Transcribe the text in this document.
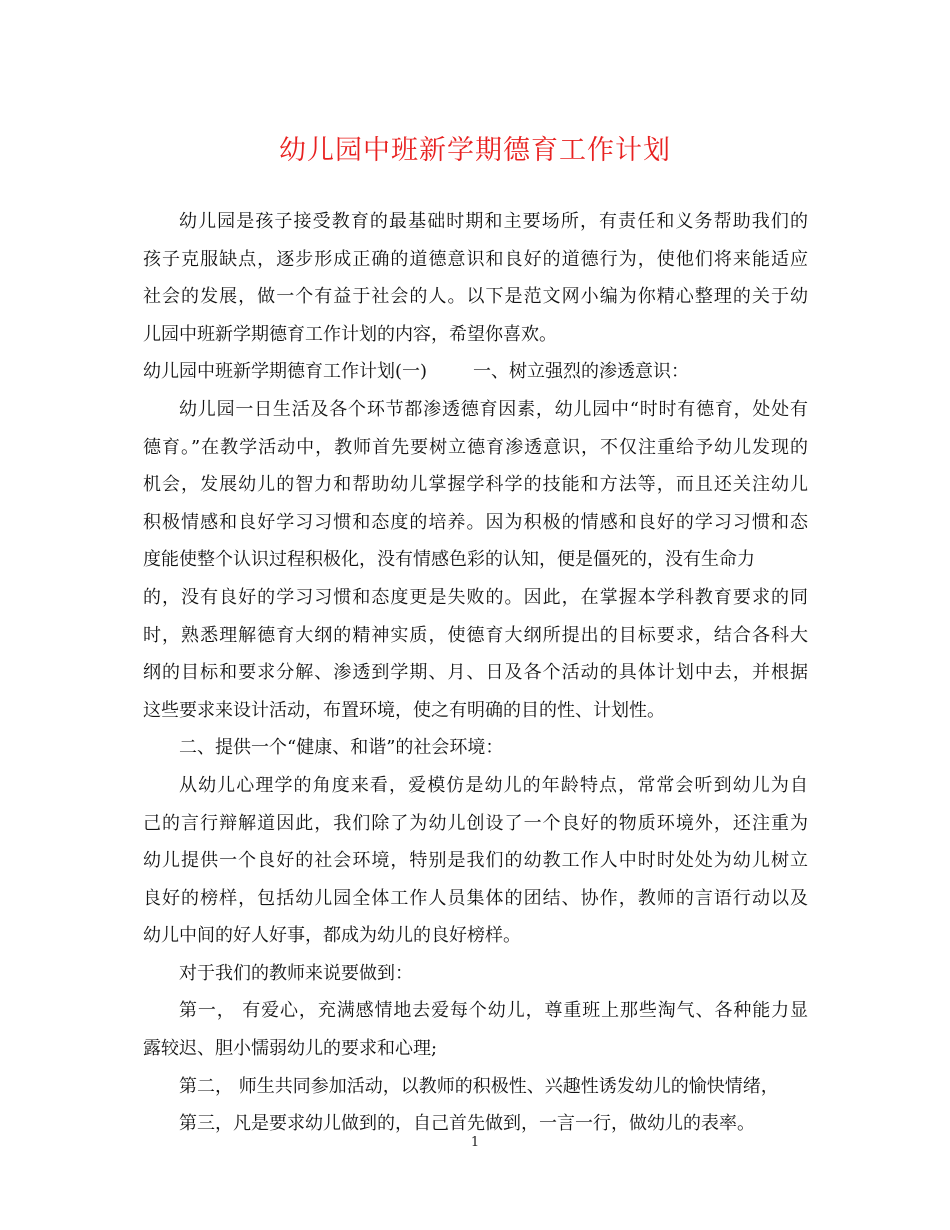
幼儿园中班新学期德育工作计划
幼儿园是孩子接受教育的最基础时期和主要场所，有责任和义务帮助我们的
孩子克服缺点，逐步形成正确的道德意识和良好的道德行为，使他们将来能适应
社会的发展，做一个有益于社会的人。以下是范文网小编为你精心整理的关于幼
儿园中班新学期德育工作计划的内容，希望你喜欢。
幼儿园中班新学期德育工作计划(一)	一、树立强烈的渗透意识：
幼儿园一日生活及各个环节都渗透德育因素，幼儿园中“时时有德育，处处有
德育。”在教学活动中，教师首先要树立德育渗透意识，不仅注重给予幼儿发现的
机会，发展幼儿的智力和帮助幼儿掌握学科学的技能和方法等，而且还关注幼儿
积极情感和良好学习习惯和态度的培养。因为积极的情感和良好的学习习惯和态
度能使整个认识过程积极化，没有情感色彩的认知，便是僵死的，没有生命力
的，没有良好的学习习惯和态度更是失败的。因此，在掌握本学科教育要求的同
时，熟悉理解德育大纲的精神实质，使德育大纲所提出的目标要求，结合各科大
纲的目标和要求分解、渗透到学期、月、日及各个活动的具体计划中去，并根据
这些要求来设计活动，布置环境，使之有明确的目的性、计划性。
二、提供一个“健康、和谐”的社会环境：
从幼儿心理学的角度来看，爱模仿是幼儿的年龄特点，常常会听到幼儿为自
己的言行辩解道因此，我们除了为幼儿创设了一个良好的物质环境外，还注重为
幼儿提供一个良好的社会环境，特别是我们的幼教工作人中时时处处为幼儿树立
良好的榜样，包括幼儿园全体工作人员集体的团结、协作，教师的言语行动以及
幼儿中间的好人好事，都成为幼儿的良好榜样。
对于我们的教师来说要做到：
第一， 有爱心，充满感情地去爱每个幼儿，尊重班上那些淘气、各种能力显
露较迟、胆小懦弱幼儿的要求和心理;
第二， 师生共同参加活动，以教师的积极性、兴趣性诱发幼儿的愉快情绪，
第三，凡是要求幼儿做到的，自己首先做到，一言一行，做幼儿的表率。
1
